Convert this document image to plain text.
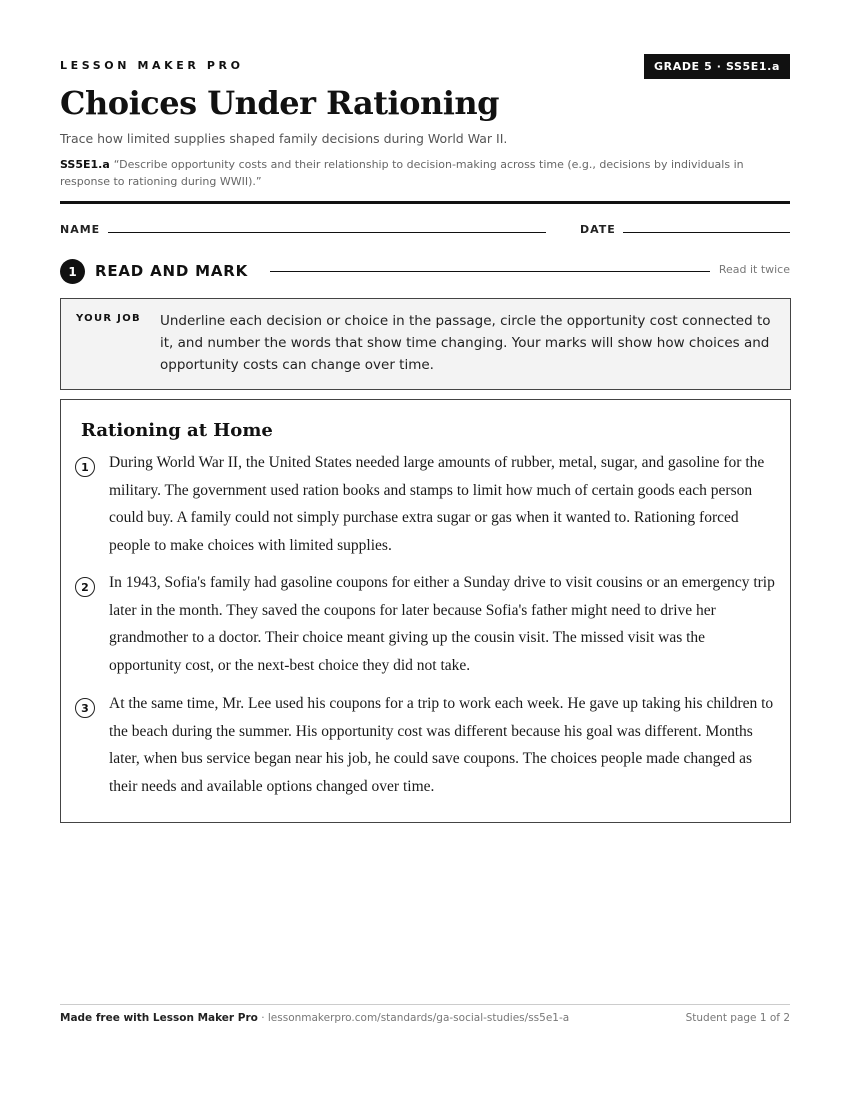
LESSON MAKER PRO	GRADE 5 · SS5E1.a
Choices Under Rationing

Trace how limited supplies shaped family decisions during World War II.

SS5E1.a “Describe opportunity costs and their relationship to decision-making across time (e.g., decisions by individuals in response to rationing during WWII).”

NAME	DATE
1	READ AND MARK	Read it twice
YOUR JOB Underline each decision or choice in the passage, circle the opportunity cost connected to it, and number the words that show time changing. Your marks will show how choices and opportunity costs can change over time.
Rationing at Home
1	During World War II, the United States needed large amounts of rubber, metal, sugar, and gasoline for the military. The government used ration books and stamps to limit how much of certain goods each person could buy. A family could not simply purchase extra sugar or gas when it wanted to. Rationing forced people to make choices with limited supplies.

2	In 1943, Sofia's family had gasoline coupons for either a Sunday drive to visit cousins or an emergency trip later in the month. They saved the coupons for later because Sofia's father might need to drive her grandmother to a doctor. Their choice meant giving up the cousin visit. The missed visit was the opportunity cost, or the next-best choice they did not take.

3	At the same time, Mr. Lee used his coupons for a trip to work each week. He gave up taking his children to the beach during the summer. His opportunity cost was different because his goal was different. Months later, when bus service began near his job, he could save coupons. The choices people made changed as their needs and available options changed over time.

Made free with Lesson Maker Pro · lessonmakerpro.com/standards/ga-social-studies/ss5e1-a	Student page 1 of 2
